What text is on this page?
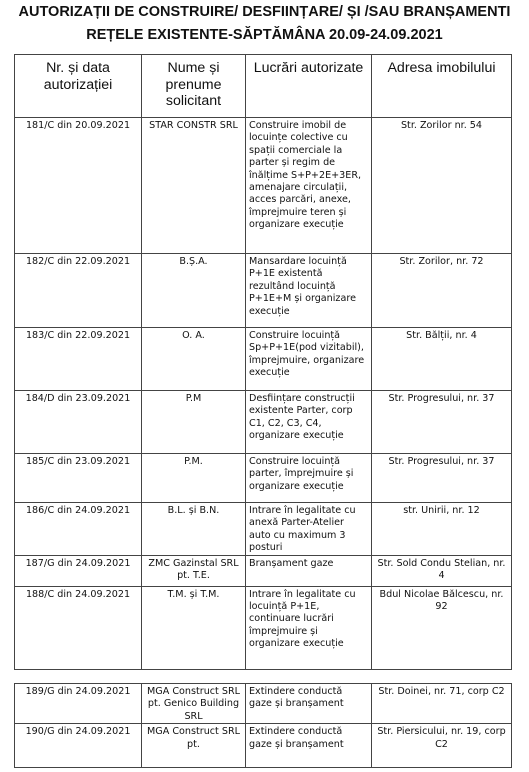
AUTORIZAȚII DE CONSTRUIRE/ DESFIINȚARE/ ȘI /SAU BRANȘAMENTI
REȚELE EXISTENTE-SĂPTĂMÂNA 20.09-24.09.2021
Nr. și data autorizației	Nume și prenume solicitant	Lucrări autorizate	Adresa imobilului
181/C din 20.09.2021	STAR CONSTR SRL	Construire imobil de locuințe colective cu spații comerciale la parter și regim de înălțime S+P+2E+3ER, amenajare circulații, acces parcări, anexe, împrejmuire teren și organizare execuție	Str. Zorilor nr. 54
182/C din 22.09.2021	B.Ș.A.	Mansardare locuință P+1E existentă rezultând locuință P+1E+M și organizare execuție	Str. Zorilor, nr. 72
183/C din 22.09.2021	O. A.	Construire locuință Sp+P+1E(pod vizitabil), împrejmuire, organizare execuție	Str. Bălții, nr. 4
184/D din 23.09.2021	P.M	Desființare construcții existente Parter, corp C1, C2, C3, C4, organizare execuție	Str. Progresului, nr. 37
185/C din 23.09.2021	P.M.	Construire locuință parter, împrejmuire și organizare execuție	Str. Progresului, nr. 37
186/C din 24.09.2021	B.L. și B.N.	Intrare în legalitate cu anexă Parter-Atelier auto cu maximum 3 posturi	str. Unirii, nr. 12
187/G din 24.09.2021	ZMC Gazinstal SRL pt. T.E.	Branșament gaze	Str. Sold Condu Stelian, nr. 4
188/C din 24.09.2021	T.M. și T.M.	Intrare în legalitate cu locuință P+1E, continuare lucrări împrejmuire și organizare execuție	Bdul Nicolae Bălcescu, nr. 92
189/G din 24.09.2021	MGA Construct SRL pt. Genico Building SRL	Extindere conductă gaze și branșament	Str. Doinei, nr. 71, corp C2
190/G din 24.09.2021	MGA Construct SRL pt.	Extindere conductă gaze și branșament	Str. Piersicului, nr. 19, corp C2
